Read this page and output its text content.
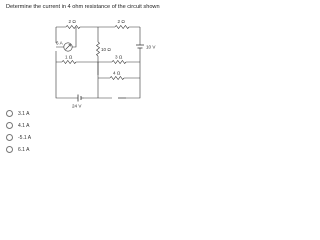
Determine the current in 4 ohm resistance of the circuit shown
2 Ω	2 Ω
6 A
10 Ω	10 V
1 Ω	3 Ω
4 Ω
24 V
3.1 A
4.1 A
-5.1 A
6.1 A
